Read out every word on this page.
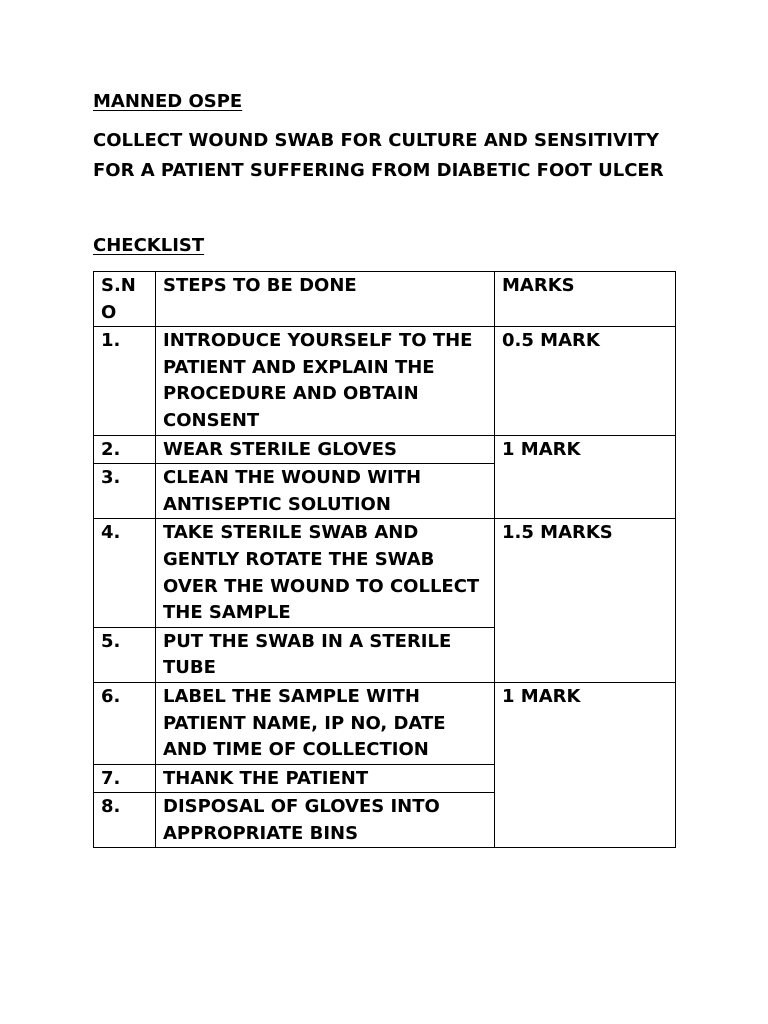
MANNED OSPE

COLLECT WOUND SWAB FOR CULTURE AND SENSITIVITY
FOR A PATIENT SUFFERING FROM DIABETIC FOOT ULCER

CHECKLIST

S.NO	STEPS TO BE DONE	MARKS
1.	INTRODUCE YOURSELF TO THE PATIENT AND EXPLAIN THE PROCEDURE AND OBTAIN CONSENT	0.5 MARK
2.	WEAR STERILE GLOVES	1 MARK
3.	CLEAN THE WOUND WITH ANTISEPTIC SOLUTION	
4.	TAKE STERILE SWAB AND GENTLY ROTATE THE SWAB OVER THE WOUND TO COLLECT THE SAMPLE	1.5 MARKS
5.	PUT THE SWAB IN A STERILE TUBE	
6.	LABEL THE SAMPLE WITH PATIENT NAME, IP NO, DATE AND TIME OF COLLECTION	1 MARK
7.	THANK THE PATIENT	
8.	DISPOSAL OF GLOVES INTO APPROPRIATE BINS	
